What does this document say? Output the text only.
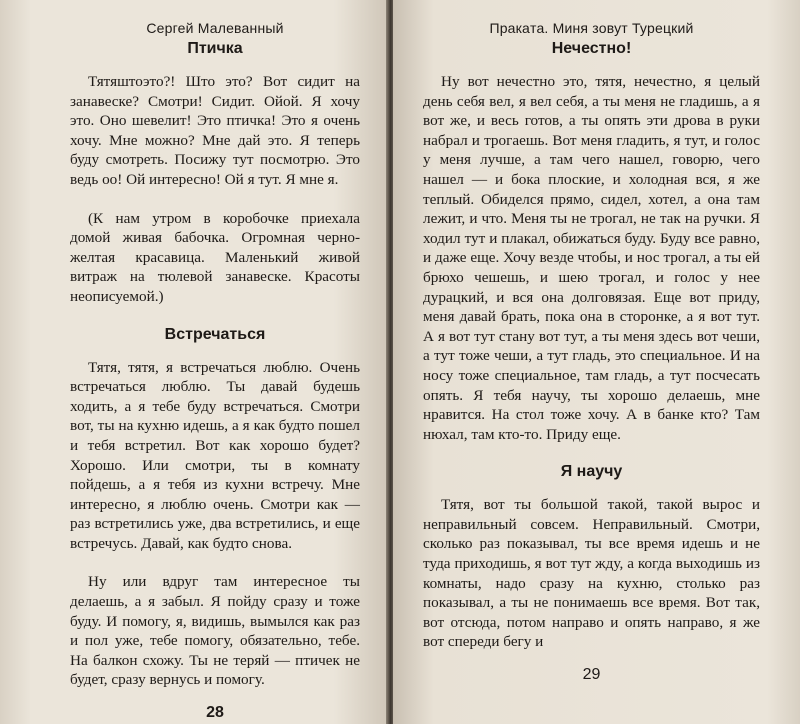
Сергей Малеванный
Птичка

Тятяштоэто?! Што это? Вот сидит на занавеске? Смотри! Сидит. Ойой. Я хочу это. Оно шевелит! Это птичка! Это я очень хочу. Мне можно? Мне дай это. Я теперь буду смотреть. Посижу тут посмотрю. Это ведь оо! Ой интересно! Ой я тут. Я мне я.

(К нам утром в коробочке приехала домой живая бабочка. Огромная черно-желтая красавица. Маленький живой витраж на тюлевой занавеске. Красоты неописуемой.)

Встречаться

Тятя, тятя, я встречаться люблю. Очень встречаться люблю. Ты давай будешь ходить, а я тебе буду встречаться. Смотри вот, ты на кухню идешь, а я как будто пошел и тебя встретил. Вот как хорошо будет? Хорошо. Или смотри, ты в комнату пойдешь, а я тебя из кухни встречу. Мне интересно, я люблю очень. Смотри как — раз встретились уже, два встретились, и еще встречусь. Давай, как будто снова.

Ну или вдруг там интересное ты делаешь, а я забыл. Я пойду сразу и тоже буду. И помогу, я, видишь, вымылся как раз и пол уже, тебе помогу, обязательно, тебе. На балкон схожу. Ты не теряй — птичек не будет, сразу вернусь и помогу.

28
Пракaта. Миня зовут Турецкий
Нечестно!

Ну вот нечестно это, тятя, нечестно, я целый день себя вел, я вел себя, а ты меня не гладишь, а я вот же, и весь готов, а ты опять эти дрова в руки набрал и трогаешь. Вот меня гладить, я тут, и голос у меня лучше, а там чего нашел, говорю, чего нашел — и бока плоские, и холодная вся, я же теплый. Обиделся прямо, сидел, хотел, а она там лежит, и что. Меня ты не трогал, не так на ручки. Я ходил тут и плакал, обижаться буду. Буду все равно, и даже еще. Хочу везде чтобы, и нос трогал, а ты ей брюхо чешешь, и шею трогал, и голос у нее дурацкий, и вся она долговязая. Еще вот приду, меня давай брать, пока она в сторонке, а я вот тут. А я вот тут стану вот тут, а ты меня здесь вот чеши, а тут тоже чеши, а тут гладь, это специальное. И на носу тоже специальное, там гладь, а тут посчесать опять. Я тебя научу, ты хорошо делаешь, мне нравится. На стол тоже хочу. А в банке кто? Там нюхал, там кто-то. Приду еще.

Я научу

Тятя, вот ты большой такой, такой вырос и неправильный совсем. Неправильный. Смотри, сколько раз показывал, ты все время идешь и не туда приходишь, я вот тут жду, а когда выходишь из комнаты, надо сразу на кухню, столько раз показывал, а ты не понимаешь все время. Вот так, вот отсюда, потом направо и опять направо, я же вот спереди бегу и

29
